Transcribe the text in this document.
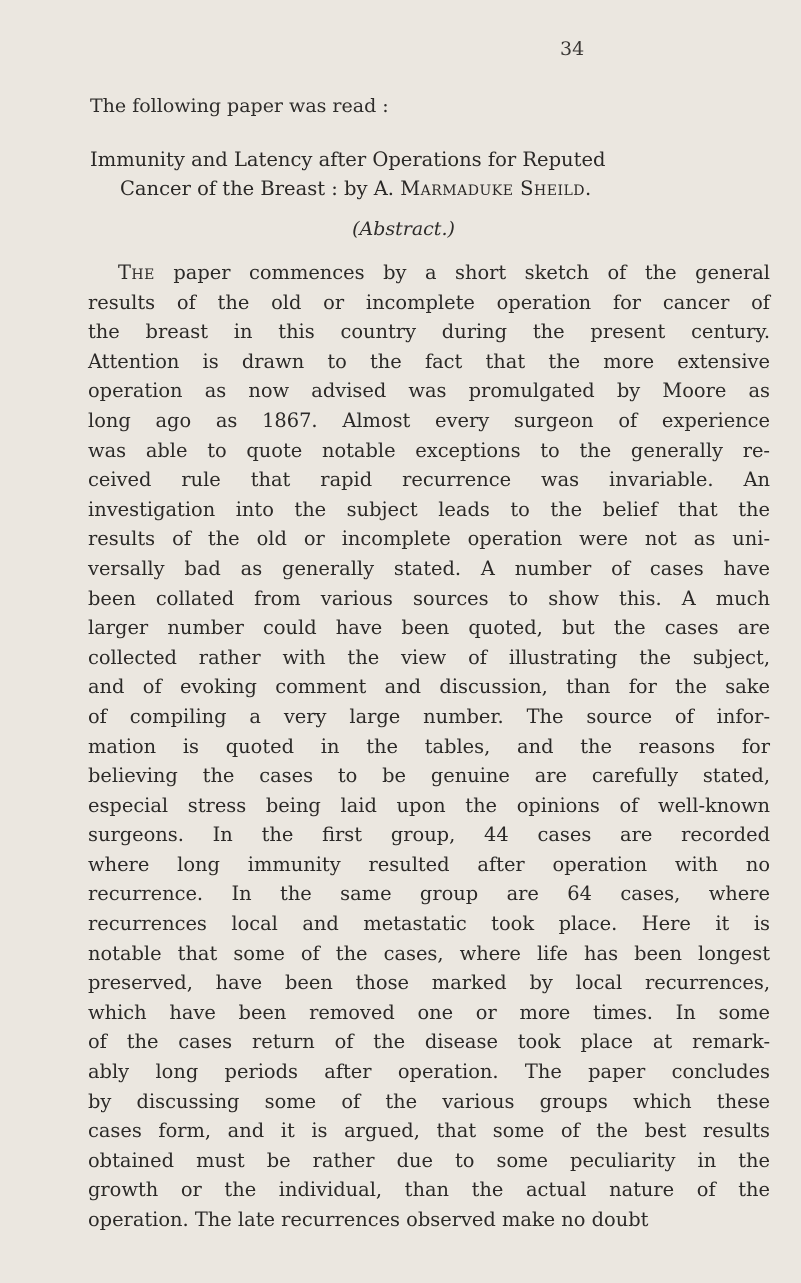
34
The following paper was read :
Immunity and Latency after Operations for Reputed
Cancer of the Breast : by A. Marmaduke Sheild.
(Abstract.)
The paper commences by a short sketch of the general
results of the old or incomplete operation for cancer of
the breast in this country during the present century.
Attention is drawn to the fact that the more extensive
operation as now advised was promulgated by Moore as
long ago as 1867. Almost every surgeon of experience
was able to quote notable exceptions to the generally re-
ceived rule that rapid recurrence was invariable. An
investigation into the subject leads to the belief that the
results of the old or incomplete operation were not as uni-
versally bad as generally stated. A number of cases have
been collated from various sources to show this. A much
larger number could have been quoted, but the cases are
collected rather with the view of illustrating the subject,
and of evoking comment and discussion, than for the sake
of compiling a very large number. The source of infor-
mation is quoted in the tables, and the reasons for
believing the cases to be genuine are carefully stated,
especial stress being laid upon the opinions of well-known
surgeons. In the first group, 44 cases are recorded
where long immunity resulted after operation with no
recurrence. In the same group are 64 cases, where
recurrences local and metastatic took place. Here it is
notable that some of the cases, where life has been longest
preserved, have been those marked by local recurrences,
which have been removed one or more times. In some
of the cases return of the disease took place at remark-
ably long periods after operation. The paper concludes
by discussing some of the various groups which these
cases form, and it is argued, that some of the best results
obtained must be rather due to some peculiarity in the
growth or the individual, than the actual nature of the
operation. The late recurrences observed make no doubt
